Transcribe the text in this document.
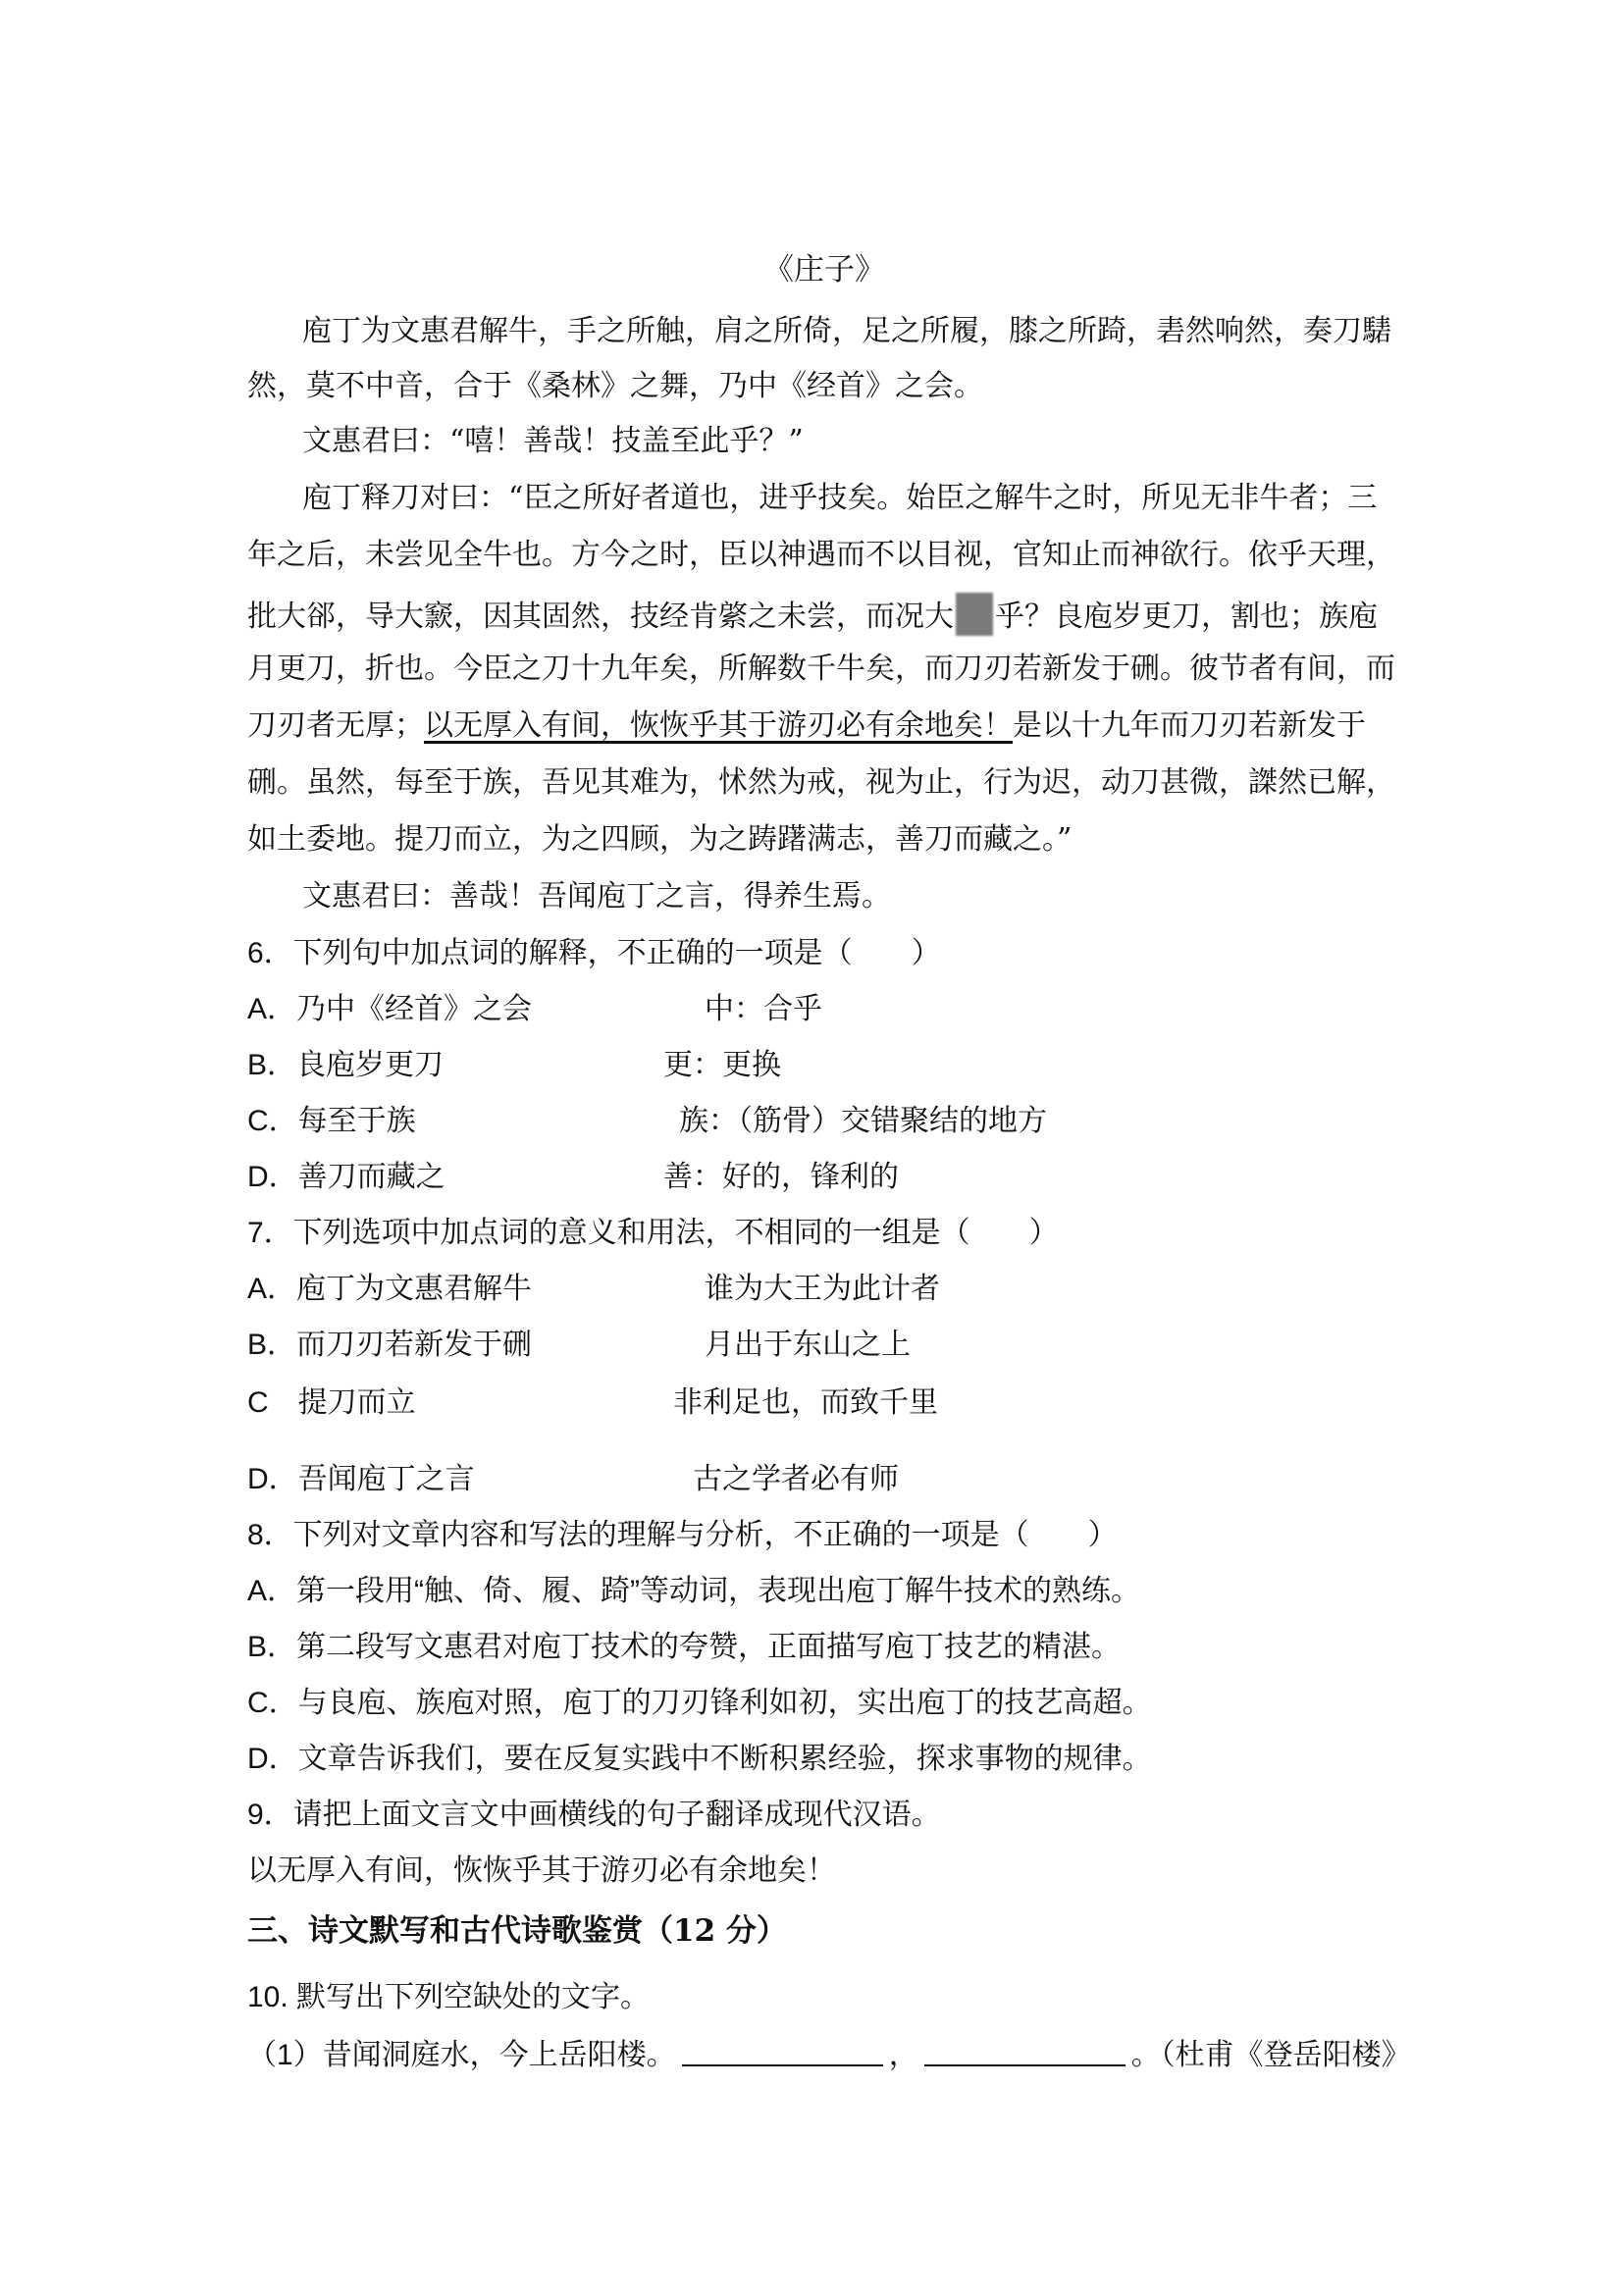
《庄子》
庖丁为文惠君解牛，手之所触，肩之所倚，足之所履，膝之所踦，砉然响然，奏刀騞
然，莫不中音，合于《桑林》之舞，乃中《经首》之会。
文惠君曰：“嘻！善哉！技盖至此乎？”
庖丁释刀对曰：“臣之所好者道也，进乎技矣。始臣之解牛之时，所见无非牛者；三
年之后，未尝见全牛也。方今之时，臣以神遇而不以目视，官知止而神欲行。依乎天理，
批大郤，导大窾，因其固然，技经肯綮之未尝，而况大 乎？良庖岁更刀，割也；族庖
月更刀，折也。今臣之刀十九年矣，所解数千牛矣，而刀刃若新发于硎。彼节者有间，而
刀刃者无厚；以无厚入有间，恢恢乎其于游刃必有余地矣！是以十九年而刀刃若新发于
硎。虽然，每至于族，吾见其难为，怵然为戒，视为止，行为迟，动刀甚微，謋然已解，
如土委地。提刀而立，为之四顾，为之踌躇满志，善刀而藏之。”
文惠君曰：善哉！吾闻庖丁之言，得养生焉。
6．下列句中加点词的解释，不正确的一项是（　　）
A．乃中《经首》之会	中：合乎
B．良庖岁更刀	更：更换
C．每至于族	族：（筋骨）交错聚结的地方
D．善刀而藏之	善：好的，锋利的
7．下列选项中加点词的意义和用法，不相同的一组是（　　）
A．庖丁为文惠君解牛	谁为大王为此计者
B．而刀刃若新发于硎	月出于东山之上
C　提刀而立	非利足也，而致千里
D．吾闻庖丁之言	古之学者必有师
8．下列对文章内容和写法的理解与分析，不正确的一项是（　　）
A．第一段用“触、倚、履、踦”等动词，表现出庖丁解牛技术的熟练。
B．第二段写文惠君对庖丁技术的夸赞，正面描写庖丁技艺的精湛。
C．与良庖、族庖对照，庖丁的刀刃锋利如初，实出庖丁的技艺高超。
D．文章告诉我们，要在反复实践中不断积累经验，探求事物的规律。
9．请把上面文言文中画横线的句子翻译成现代汉语。
以无厚入有间，恢恢乎其于游刃必有余地矣！
三、诗文默写和古代诗歌鉴赏（12 分）
10. 默写出下列空缺处的文字。
（1）昔闻洞庭水，今上岳阳楼。	，	。（杜甫《登岳阳楼》
